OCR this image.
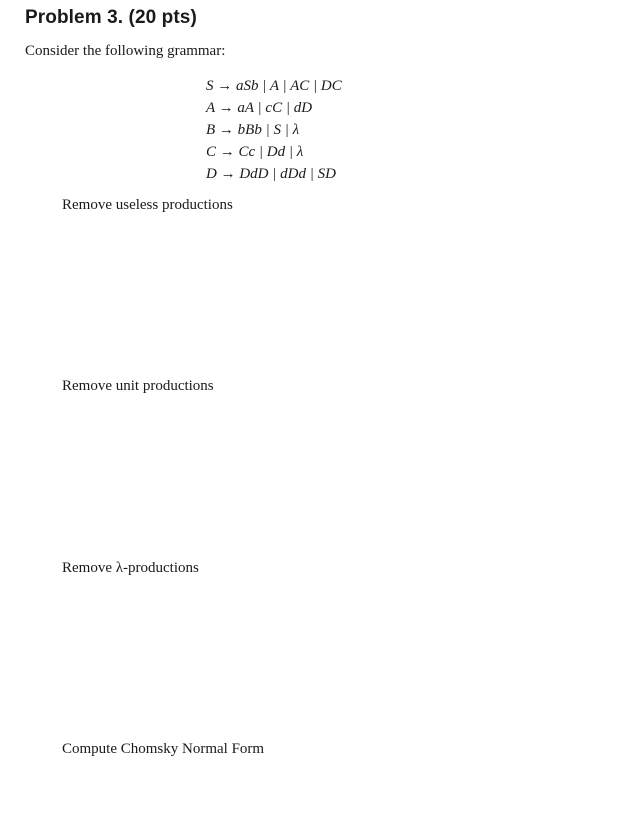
Problem 3. (20 pts)
Consider the following grammar:
S → aSb | A | AC | DC
A → aA | cC | dD
B → bBb | S | λ
C → Cc | Dd | λ
D → DdD | dDd | SD
Remove useless productions
Remove unit productions
Remove λ-productions
Compute Chomsky Normal Form
